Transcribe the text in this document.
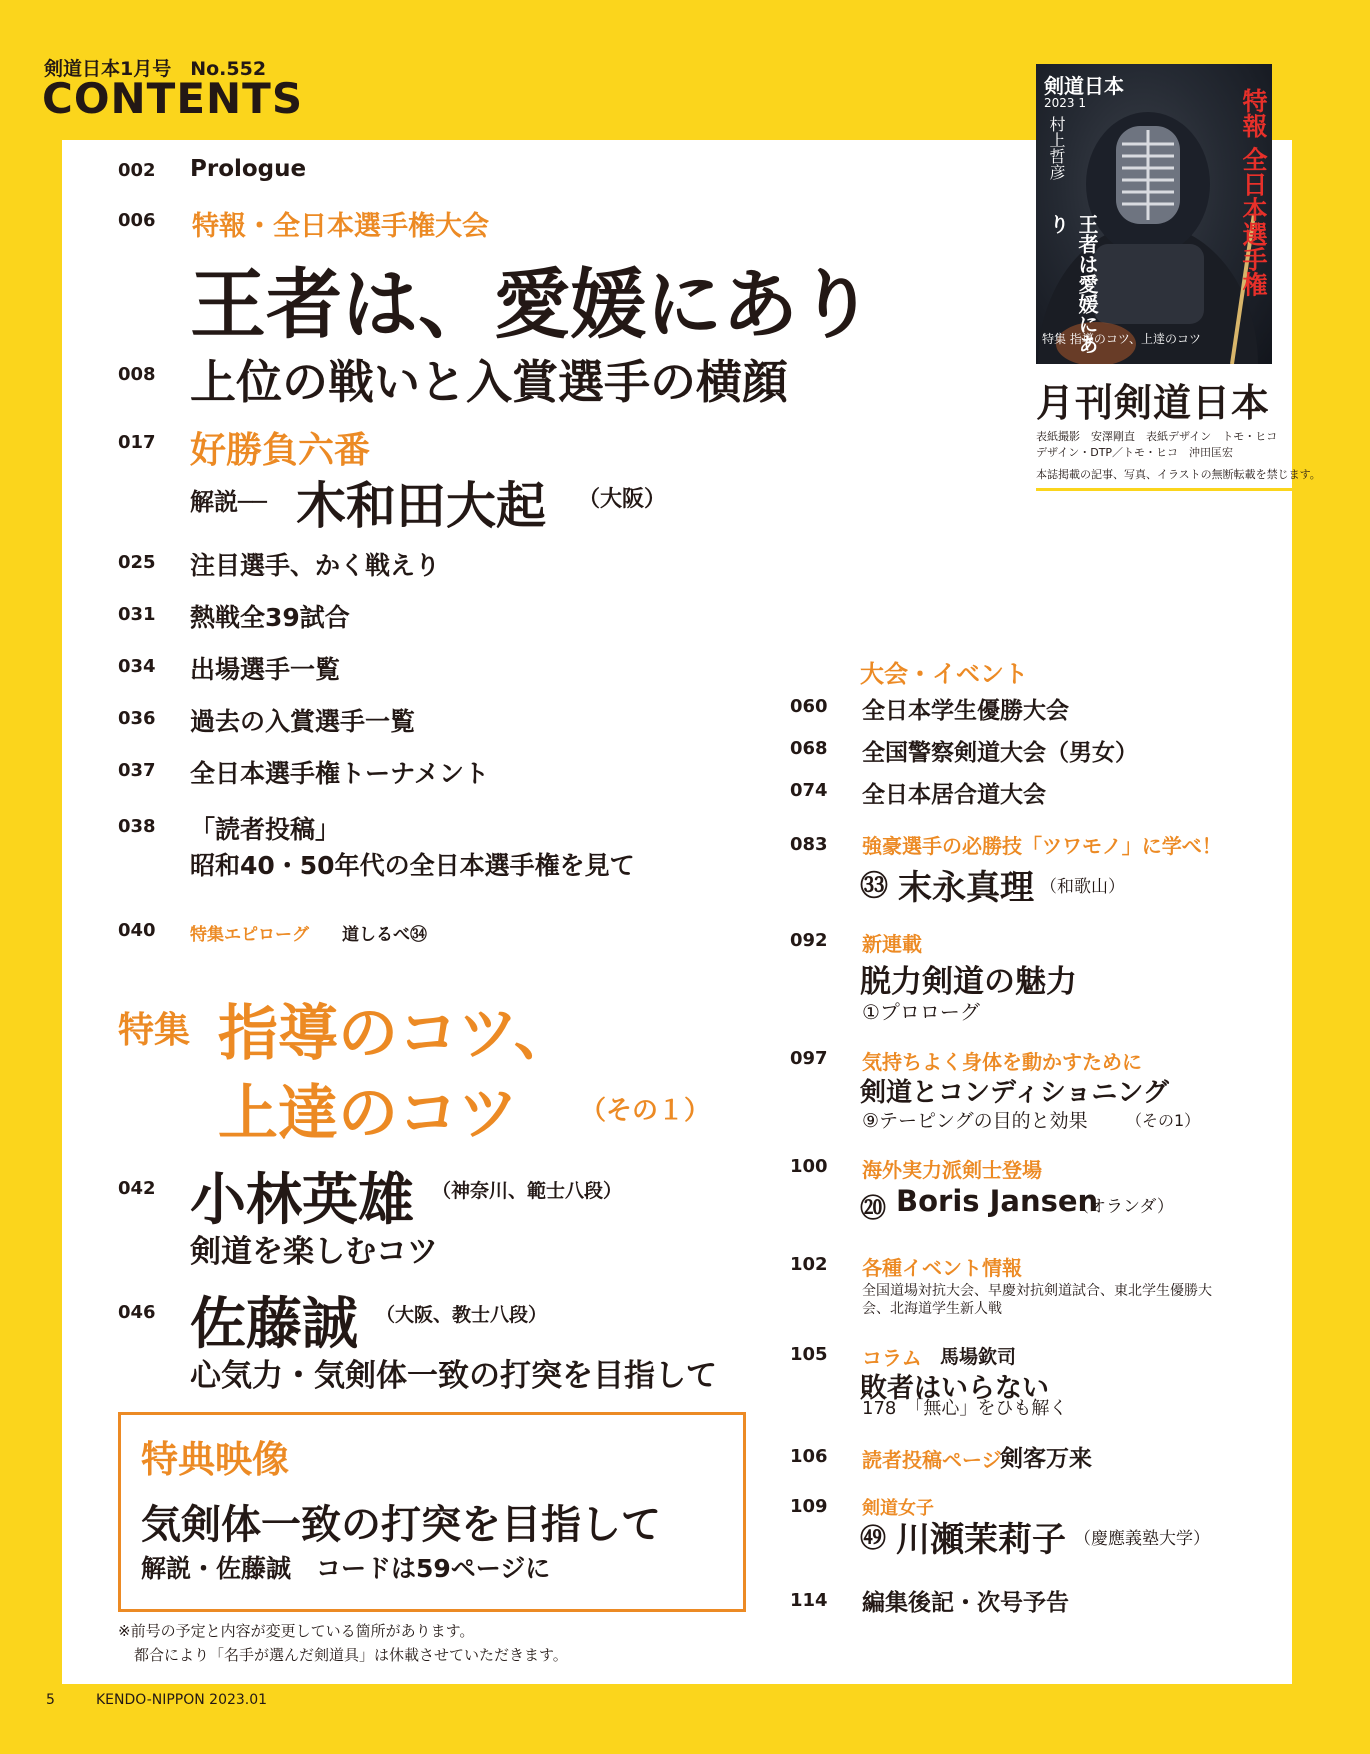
剣道日本1月号　No.552
CONTENTS	剣道日本
2023 1	特報 全日本選手権
村上哲彦
王者は愛媛にあり
特集 指導のコツ、上達のコツ
月刊剣道日本
表紙撮影　安澤剛直　表紙デザイン　トモ・ヒコ
デザイン・DTP／トモ・ヒコ　沖田匡宏
本誌掲載の記事、写真、イラストの無断転載を禁じます。
002 Prologue
006 特報・全日本選手権大会
王者は、愛媛にあり
008 上位の戦いと入賞選手の横顔
017 好勝負六番
解説── 木和田大起 （大阪）
025 注目選手、かく戦えり
031 熱戦全39試合
034 出場選手一覧
036 過去の入賞選手一覧
037 全日本選手権トーナメント
038 「読者投稿」
昭和40・50年代の全日本選手権を見て
040 特集エピローグ 道しるべ㉞
特集 指導のコツ、
上達のコツ （その１）
042 小林英雄 （神奈川、範士八段）
剣道を楽しむコツ
046 佐藤誠 （大阪、教士八段）
心気力・気剣体一致の打突を目指して
特典映像
気剣体一致の打突を目指して
解説・佐藤誠　コードは59ページに
※前号の予定と内容が変更している箇所があります。
都合により「名手が選んだ剣道具」は休載させていただきます。
大会・イベント
060 全日本学生優勝大会
068 全国警察剣道大会（男女）
074 全日本居合道大会
083 強豪選手の必勝技「ツワモノ」に学べ！
㉝ 末永真理 （和歌山）
092 新連載
脱力剣道の魅力
①プロローグ
097 気持ちよく身体を動かすために
剣道とコンディショニング
⑨テーピングの目的と効果 （その1）
100 海外実力派剣士登場
⑳ Boris Jansen
（オランダ）
102 各種イベント情報
全国道場対抗大会、早慶対抗剣道試合、東北学生優勝大
会、北海道学生新人戦
105 コラム 馬場欽司
敗者はいらない
178　「無心」をひも解く
106 読者投稿ページ
剣客万来
109 剣道女子
㊾ 川瀬茉莉子 （慶應義塾大学）
114 編集後記・次号予告
5	KENDO-NIPPON 2023.01
